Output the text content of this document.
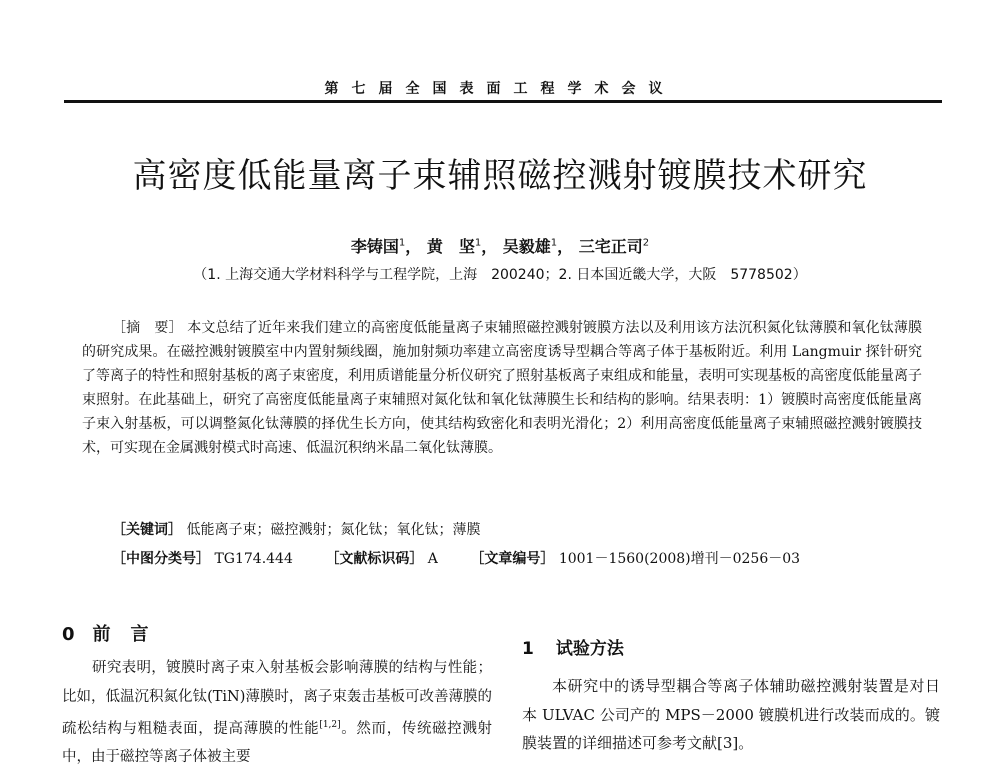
第七届全国表面工程学术会议
高密度低能量离子束辅照磁控溅射镀膜技术研究
李铸国$^1$， 黄　坚$^1$， 吴毅雄$^1$， 三宅正司$^2$
（1. 上海交通大学材料科学与工程学院，上海　200240；2. 日本国近畿大学，大阪　5778502）

［摘　要］ 本文总结了近年来我们建立的高密度低能量离子束辅照磁控溅射镀膜方法以及利用该方法沉积氮化钛薄膜和氧化钛薄膜的研究成果。在磁控溅射镀膜室中内置射频线圈，施加射频功率建立高密度诱导型耦合等离子体于基板附近。利用 Langmuir 探针研究了等离子的特性和照射基板的离子束密度，利用质谱能量分析仪研究了照射基板离子束组成和能量，表明可实现基板的高密度低能量离子束照射。在此基础上，研究了高密度低能量离子束辅照对氮化钛和氧化钛薄膜生长和结构的影响。结果表明：1）镀膜时高密度低能量离子束入射基板，可以调整氮化钛薄膜的择优生长方向，使其结构致密化和表明光滑化；2）利用高密度低能量离子束辅照磁控溅射镀膜技术，可实现在金属溅射模式时高速、低温沉积纳米晶二氧化钛薄膜。

［关键词］ 低能离子束；磁控溅射；氮化钛；氧化钛；薄膜
［中图分类号］ TG174.444 ［文献标识码］ A ［文章编号］ 1001－1560(2008)增刊－0256－03
0 前言

研究表明，镀膜时离子束入射基板会影响薄膜的结构与性能；比如，低温沉积氮化钛(TiN)薄膜时，离子束轰击基板可改善薄膜的疏松结构与粗糙表面，提高薄膜的性能[1,2]。然而，传统磁控溅射中，由于磁控等离子体被主要

1 试验方法

本研究中的诱导型耦合等离子体辅助磁控溅射装置是对日本 ULVAC 公司产的 MPS－2000 镀膜机进行改装而成的。镀膜装置的详细描述可参考文献[3]。
